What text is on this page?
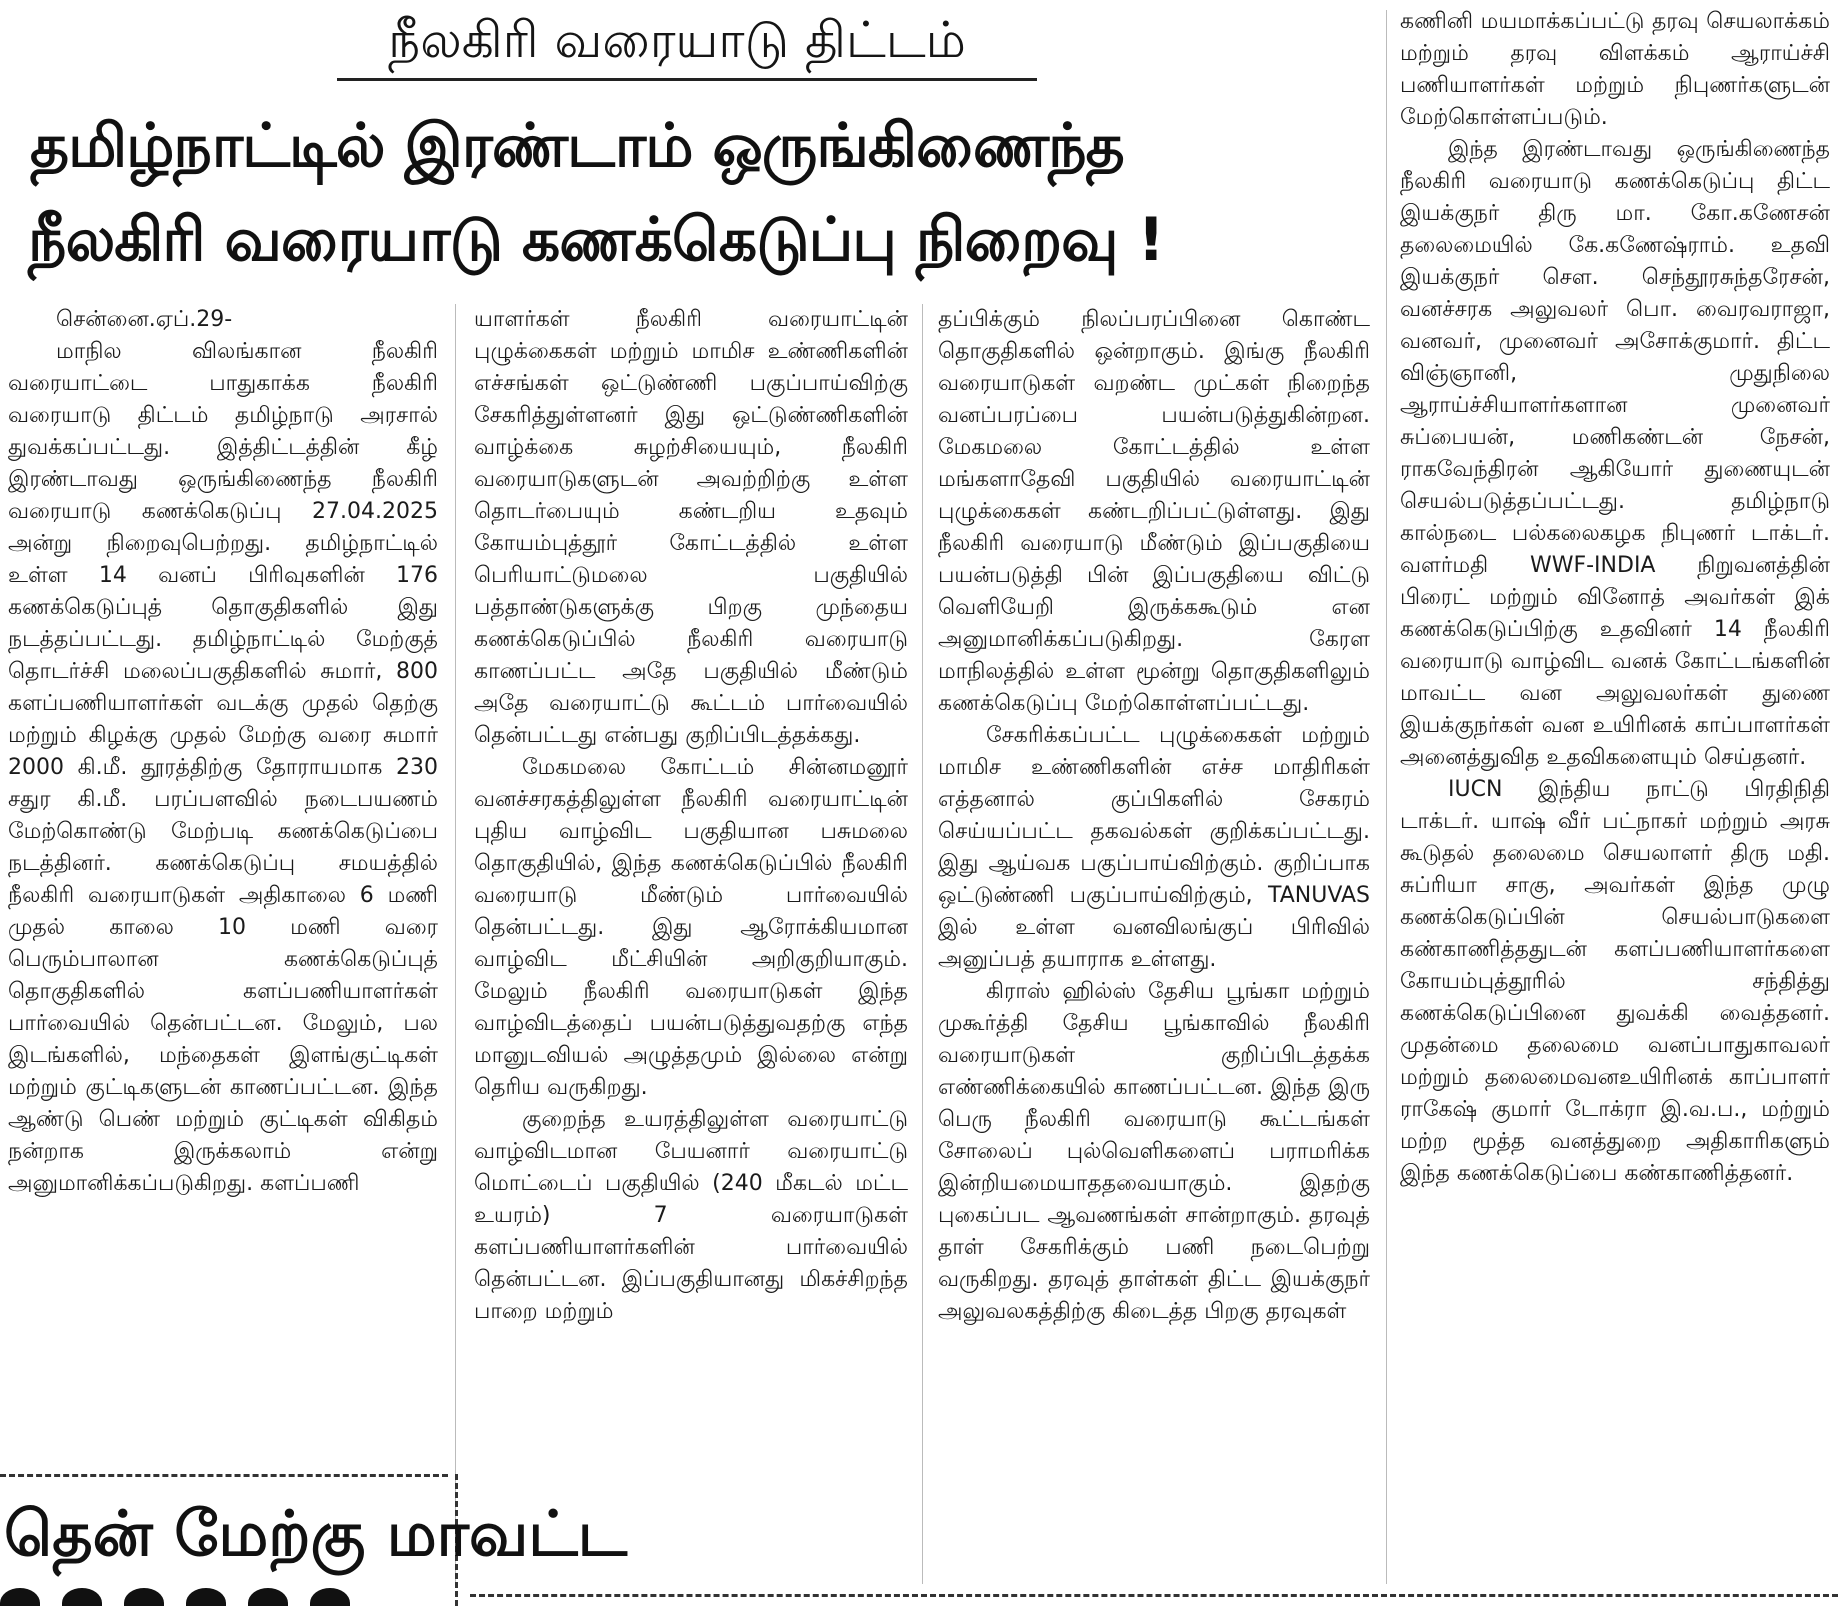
நீலகிரி வரையாடு திட்டம்
தமிழ்நாட்டில் இரண்டாம் ஒருங்கிணைந்த
நீலகிரி வரையாடு கணக்கெடுப்பு நிறைவு !
சென்னை.ஏப்.29-

மாநில விலங்கான நீலகிரி வரையாட்டை பாதுகாக்க நீலகிரி வரையாடு திட்டம் தமிழ்நாடு அரசால் துவக்கப்பட்டது. இத்திட்டத்தின் கீழ் இரண்டாவது ஒருங்கிணைந்த நீலகிரி வரையாடு கணக்கெடுப்பு 27.04.2025 அன்று நிறைவுபெற்றது. தமிழ்நாட்டில் உள்ள 14 வனப் பிரிவுகளின் 176 கணக்கெடுப்புத் தொகுதிகளில் இது நடத்தப்பட்டது. தமிழ்நாட்டில் மேற்குத் தொடர்ச்சி மலைப்பகுதிகளில் சுமார், 800 களப்பணியாளர்கள் வடக்கு முதல் தெற்கு மற்றும் கிழக்கு முதல் மேற்கு வரை சுமார் 2000 கி.மீ. தூரத்திற்கு தோராயமாக 230 சதுர கி.மீ. பரப்பளவில் நடைபயணம் மேற்கொண்டு மேற்படி கணக்கெடுப்பை நடத்தினர். கணக்கெடுப்பு சமயத்தில் நீலகிரி வரையாடுகள் அதிகாலை 6 மணி முதல் காலை 10 மணி வரை பெரும்பாலான கணக்கெடுப்புத் தொகுதிகளில் களப்பணியாளர்கள் பார்வையில் தென்பட்டன. மேலும், பல இடங்களில், மந்தைகள் இளங்குட்டிகள் மற்றும் குட்டிகளுடன் காணப்பட்டன. இந்த ஆண்டு பெண் மற்றும் குட்டிகள் விகிதம் நன்றாக இருக்கலாம் என்று அனுமானிக்கப்படுகிறது. களப்பணி

யாளர்கள் நீலகிரி வரையாட்டின் புழுக்கைகள் மற்றும் மாமிச உண்ணிகளின் எச்சங்கள் ஒட்டுண்ணி பகுப்பாய்விற்கு சேகரித்துள்ளனர் இது ஒட்டுண்ணிகளின் வாழ்க்கை சுழற்சியையும், நீலகிரி வரையாடுகளுடன் அவற்றிற்கு உள்ள தொடர்பையும் கண்டறிய உதவும் கோயம்புத்தூர் கோட்டத்தில் உள்ள பெரியாட்டுமலை பகுதியில் பத்தாண்டுகளுக்கு பிறகு முந்தைய கணக்கெடுப்பில் நீலகிரி வரையாடு காணப்பட்ட அதே பகுதியில் மீண்டும் அதே வரையாட்டு கூட்டம் பார்வையில் தென்பட்டது என்பது குறிப்பிடத்தக்கது.

மேகமலை கோட்டம் சின்னமனூர் வனச்சரகத்திலுள்ள நீலகிரி வரையாட்டின் புதிய வாழ்விட பகுதியான பசுமலை தொகுதியில், இந்த கணக்கெடுப்பில் நீலகிரி வரையாடு மீண்டும் பார்வையில் தென்பட்டது. இது ஆரோக்கியமான வாழ்விட மீட்சியின் அறிகுறியாகும். மேலும் நீலகிரி வரையாடுகள் இந்த வாழ்விடத்தைப் பயன்படுத்துவதற்கு எந்த மானுடவியல் அழுத்தமும் இல்லை என்று தெரிய வருகிறது.

குறைந்த உயரத்திலுள்ள வரையாட்டு வாழ்விடமான பேயனார் வரையாட்டு மொட்டைப் பகுதியில் (240 மீகடல் மட்ட உயரம்) 7 வரையாடுகள் களப்பணியாளர்களின் பார்வையில் தென்பட்டன. இப்பகுதியானது மிகச்சிறந்த பாறை மற்றும்

தப்பிக்கும் நிலப்பரப்பினை கொண்ட தொகுதிகளில் ஒன்றாகும். இங்கு நீலகிரி வரையாடுகள் வறண்ட முட்கள் நிறைந்த வனப்பரப்பை பயன்படுத்துகின்றன. மேகமலை கோட்டத்தில் உள்ள மங்களாதேவி பகுதியில் வரையாட்டின் புழுக்கைகள் கண்டறிப்பட்டுள்ளது. இது நீலகிரி வரையாடு மீண்டும் இப்பகுதியை பயன்படுத்தி பின் இப்பகுதியை விட்டு வெளியேறி இருக்ககூடும் என அனுமானிக்கப்படுகிறது. கேரள மாநிலத்தில் உள்ள மூன்று தொகுதிகளிலும் கணக்கெடுப்பு மேற்கொள்ளப்பட்டது.

சேகரிக்கப்பட்ட புழுக்கைகள் மற்றும் மாமிச உண்ணிகளின் எச்ச மாதிரிகள் எத்தனால் குப்பிகளில் சேகரம் செய்யப்பட்ட தகவல்கள் குறிக்கப்பட்டது. இது ஆய்வக பகுப்பாய்விற்கும். குறிப்பாக ஒட்டுண்ணி பகுப்பாய்விற்கும், TANUVAS இல் உள்ள வனவிலங்குப் பிரிவில் அனுப்பத் தயாராக உள்ளது.

கிராஸ் ஹில்ஸ் தேசிய பூங்கா மற்றும் முகூர்த்தி தேசிய பூங்காவில் நீலகிரி வரையாடுகள் குறிப்பிடத்தக்க எண்ணிக்கையில் காணப்பட்டன. இந்த இரு பெரு நீலகிரி வரையாடு கூட்டங்கள் சோலைப் புல்வெளிகளைப் பராமரிக்க இன்றியமையாததவையாகும். இதற்கு புகைப்பட ஆவணங்கள் சான்றாகும். தரவுத் தாள் சேகரிக்கும் பணி நடைபெற்று வருகிறது. தரவுத் தாள்கள் திட்ட இயக்குநர் அலுவலகத்திற்கு கிடைத்த பிறகு தரவுகள்

கணினி மயமாக்கப்பட்டு தரவு செயலாக்கம் மற்றும் தரவு விளக்கம் ஆராய்ச்சி பணியாளர்கள் மற்றும் நிபுணர்களுடன் மேற்கொள்ளப்படும்.

இந்த இரண்டாவது ஒருங்கிணைந்த நீலகிரி வரையாடு கணக்கெடுப்பு திட்ட இயக்குநர் திரு மா. கோ.கணேசன் தலைமையில் கே.கணேஷ்ராம். உதவி இயக்குநர் செள. செந்தூரசுந்தரேசன், வனச்சரக அலுவலர் பொ. வைரவராஜா, வனவர், முனைவர் அசோக்குமார். திட்ட விஞ்ஞானி, முதுநிலை ஆராய்ச்சியாளர்களான முனைவர் சுப்பையன், மணிகண்டன் நேசன், ராகவேந்திரன் ஆகியோர் துணையுடன் செயல்படுத்தப்பட்டது. தமிழ்நாடு கால்நடை பல்கலைகழக நிபுணர் டாக்டர். வளர்மதி WWF-INDIA நிறுவனத்தின் பிரைட் மற்றும் வினோத் அவர்கள் இக் கணக்கெடுப்பிற்கு உதவினர் 14 நீலகிரி வரையாடு வாழ்விட வனக் கோட்டங்களின் மாவட்ட வன அலுவலர்கள் துணை இயக்குநர்கள் வன உயிரினக் காப்பாளர்கள் அனைத்துவித உதவிகளையும் செய்தனர்.

IUCN இந்திய நாட்டு பிரதிநிதி டாக்டர். யாஷ் வீர் பட்நாகர் மற்றும் அரசு கூடுதல் தலைமை செயலாளர் திரு மதி. சுப்ரியா சாகு, அவர்கள் இந்த முழு கணக்கெடுப்பின் செயல்பாடுகளை கண்காணித்ததுடன் களப்பணியாளர்களை கோயம்புத்தூரில் சந்தித்து கணக்கெடுப்பினை துவக்கி வைத்தனர். முதன்மை தலைமை வனப்பாதுகாவலர் மற்றும் தலைமைவனஉயிரினக் காப்பாளர் ராகேஷ் குமார் டோக்ரா இ.வ.ப., மற்றும் மற்ற மூத்த வனத்துறை அதிகாரிகளும் இந்த கணக்கெடுப்பை கண்காணித்தனர்.

தென் மேற்கு மாவட்ட
